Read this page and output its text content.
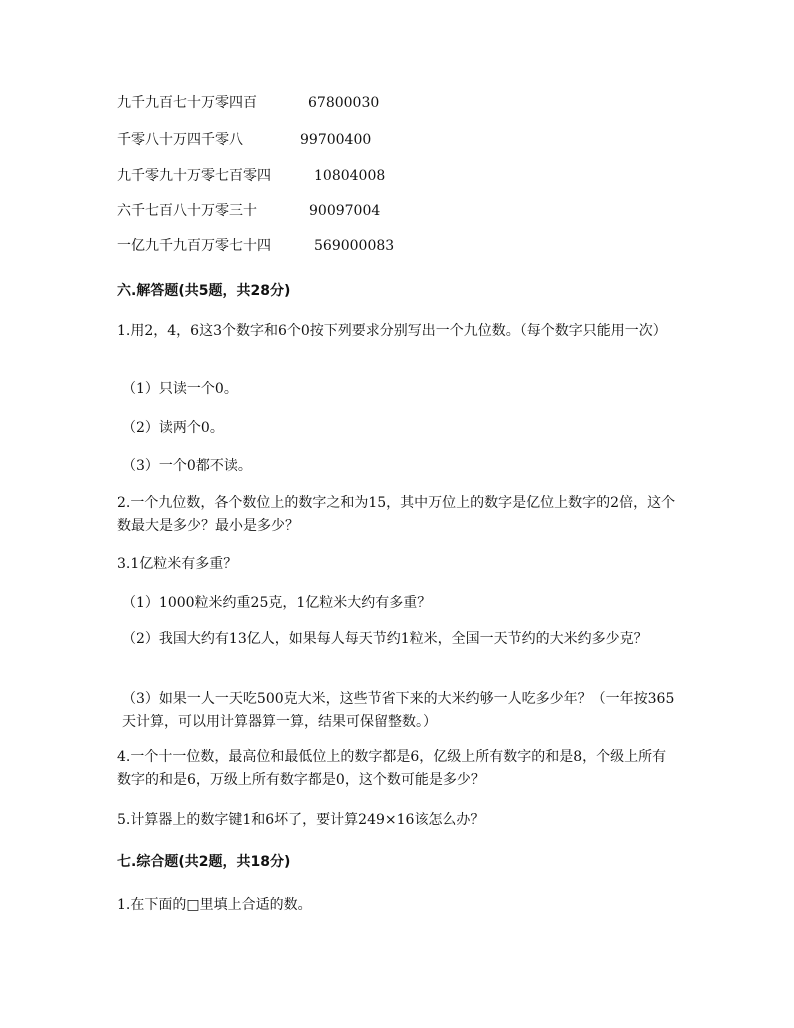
九千九百七十万零四百	67800030
千零八十万四千零八	99700400
九千零九十万零七百零四	10804008
六千七百八十万零三十	90097004
一亿九千九百万零七十四	569000083
六.解答题(共5题，共28分)
1.用2，4，6这3个数字和6个0按下列要求分别写出一个九位数。（每个数字只能用一次）
（1）只读一个0。
（2）读两个0。
（3）一个0都不读。
2.一个九位数，各个数位上的数字之和为15，其中万位上的数字是亿位上数字的2倍，这个数最大是多少？最小是多少？
3.1亿粒米有多重？
（1）1000粒米约重25克，1亿粒米大约有多重？
（2）我国大约有13亿人，如果每人每天节约1粒米，全国一天节约的大米约多少克？
（3）如果一人一天吃500克大米，这些节省下来的大米约够一人吃多少年？（一年按365天计算，可以用计算器算一算，结果可保留整数。）
4.一个十一位数，最高位和最低位上的数字都是6，亿级上所有数字的和是8，个级上所有数字的和是6，万级上所有数字都是0，这个数可能是多少？
5.计算器上的数字键1和6坏了，要计算249×16该怎么办？
七.综合题(共2题，共18分)
1.在下面的□里填上合适的数。
